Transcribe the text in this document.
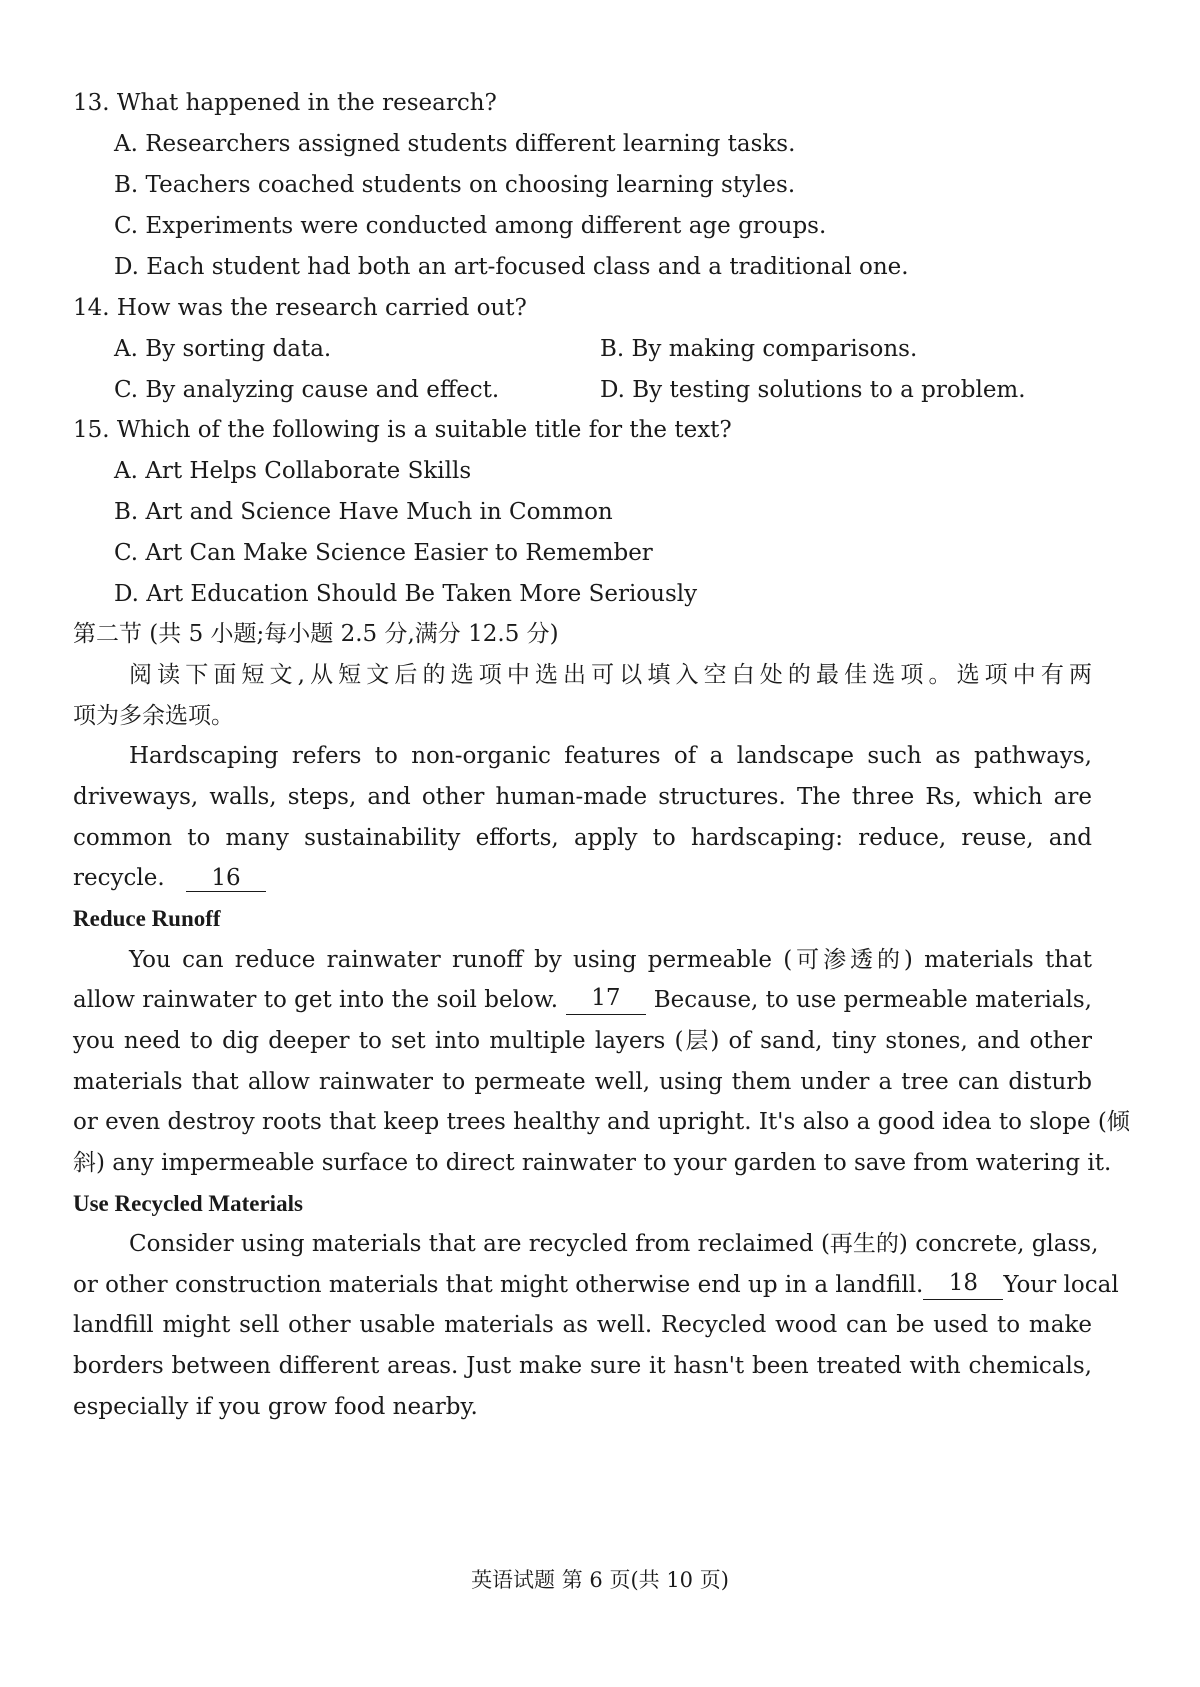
13. What happened in the research?
A. Researchers assigned students different learning tasks.
B. Teachers coached students on choosing learning styles.
C. Experiments were conducted among different age groups.
D. Each student had both an art-focused class and a traditional one.
14. How was the research carried out?
A. By sorting data.	B. By making comparisons.
C. By analyzing cause and effect.	D. By testing solutions to a problem.
15. Which of the following is a suitable title for the text?
A. Art Helps Collaborate Skills
B. Art and Science Have Much in Common
C. Art Can Make Science Easier to Remember
D. Art Education Should Be Taken More Seriously
第二节 (共 5 小题;每小题 2.5 分,满分 12.5 分)
阅读下面短文,从短文后的选项中选出可以填入空白处的最佳选项。选项中有两
项为多余选项。
Hardscaping refers to non-organic features of a landscape such as pathways,
driveways, walls, steps, and other human-made structures. The three Rs, which are
common to many sustainability efforts, apply to hardscaping: reduce, reuse, and
recycle. 16
Reduce Runoff
You can reduce rainwater runoff by using permeable (可渗透的) materials that
allow rainwater to get into the soil below.	17	Because, to use permeable materials,
you need to dig deeper to set into multiple layers (层) of sand, tiny stones, and other
materials that allow rainwater to permeate well, using them under a tree can disturb
or even destroy roots that keep trees healthy and upright. It's also a good idea to slope (倾
斜) any impermeable surface to direct rainwater to your garden to save from watering it.
Use Recycled Materials
Consider using materials that are recycled from reclaimed (再生的) concrete, glass,
or other construction materials that might otherwise end up in a landfill.	18	Your local
landfill might sell other usable materials as well. Recycled wood can be used to make
borders between different areas. Just make sure it hasn't been treated with chemicals,
especially if you grow food nearby.
英语试题 第 6 页(共 10 页)
